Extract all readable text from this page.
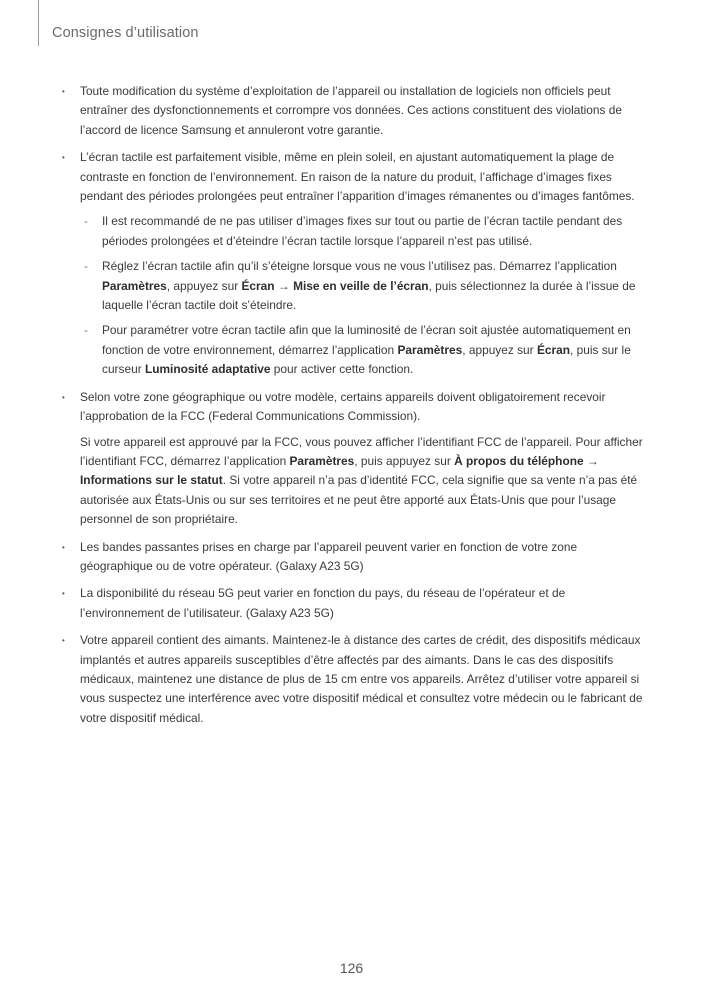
Consignes d’utilisation

• Toute modification du système d’exploitation de l’appareil ou installation de logiciels non officiels peut entraîner des dysfonctionnements et corrompre vos données. Ces actions constituent des violations de l’accord de licence Samsung et annuleront votre garantie.

• L’écran tactile est parfaitement visible, même en plein soleil, en ajustant automatiquement la plage de contraste en fonction de l’environnement. En raison de la nature du produit, l’affichage d’images fixes pendant des périodes prolongées peut entraîner l’apparition d’images rémanentes ou d’images fantômes.

- Il est recommandé de ne pas utiliser d’images fixes sur tout ou partie de l’écran tactile pendant des périodes prolongées et d’éteindre l’écran tactile lorsque l’appareil n’est pas utilisé.
- Réglez l’écran tactile afin qu’il s’éteigne lorsque vous ne vous l’utilisez pas. Démarrez l’application Paramètres, appuyez sur Écran → Mise en veille de l’écran, puis sélectionnez la durée à l’issue de laquelle l’écran tactile doit s’éteindre.
- Pour paramétrer votre écran tactile afin que la luminosité de l’écran soit ajustée automatiquement en fonction de votre environnement, démarrez l’application Paramètres, appuyez sur Écran, puis sur le curseur Luminosité adaptative pour activer cette fonction.

• Selon votre zone géographique ou votre modèle, certains appareils doivent obligatoirement recevoir l’approbation de la FCC (Federal Communications Commission).

Si votre appareil est approuvé par la FCC, vous pouvez afficher l’identifiant FCC de l’appareil. Pour afficher l’identifiant FCC, démarrez l’application Paramètres, puis appuyez sur À propos du téléphone → Informations sur le statut. Si votre appareil n’a pas d’identité FCC, cela signifie que sa vente n’a pas été autorisée aux États-Unis ou sur ses territoires et ne peut être apporté aux États-Unis que pour l’usage personnel de son propriétaire.

• Les bandes passantes prises en charge par l’appareil peuvent varier en fonction de votre zone géographique ou de votre opérateur. (Galaxy A23 5G)

• La disponibilité du réseau 5G peut varier en fonction du pays, du réseau de l’opérateur et de l’environnement de l’utilisateur. (Galaxy A23 5G)

• Votre appareil contient des aimants. Maintenez-le à distance des cartes de crédit, des dispositifs médicaux implantés et autres appareils susceptibles d’être affectés par des aimants. Dans le cas des dispositifs médicaux, maintenez une distance de plus de 15 cm entre vos appareils. Arrêtez d’utiliser votre appareil si vous suspectez une interférence avec votre dispositif médical et consultez votre médecin ou le fabricant de votre dispositif médical.

126
